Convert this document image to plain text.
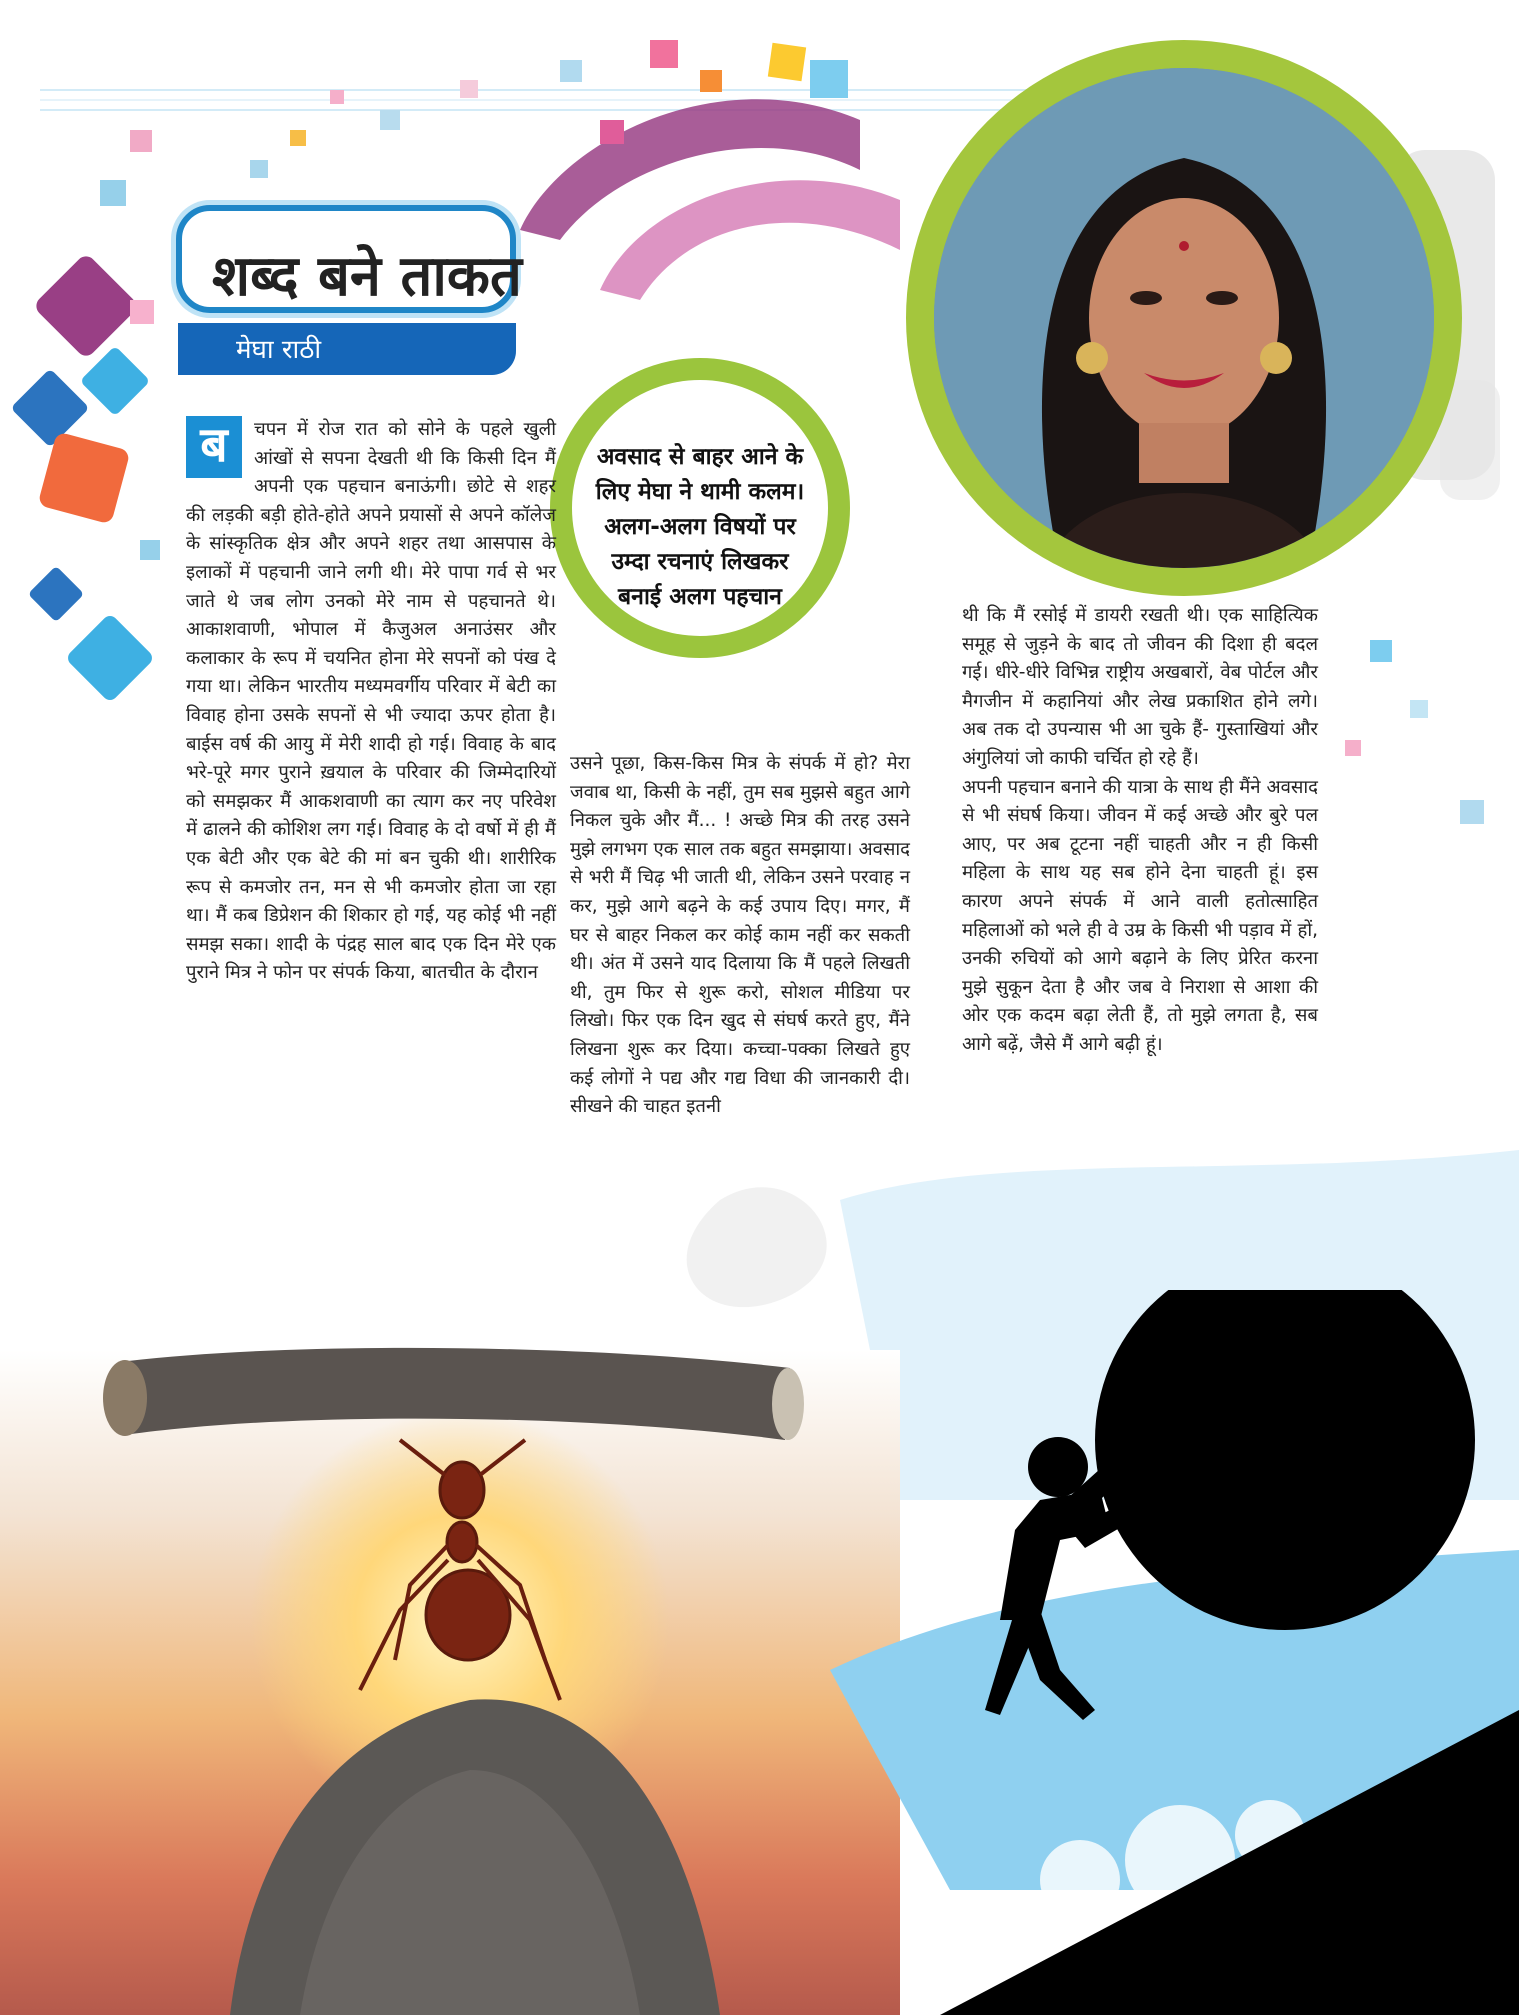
शब्द बने ताकत
मेघा राठी
अवसाद से बाहर आने के लिए मेघा ने थामी कलम। अलग-अलग विषयों पर उम्दा रचनाएं लिखकर बनाई अलग पहचान
ब	चपन में रोज रात को सोने के पहले खुली आंखों से सपना देखती थी कि किसी दिन मैं अपनी एक पहचान बनाऊंगी। छोटे से शहर की लड़की बड़ी होते-होते अपने प्रयासों से अपने कॉलेज के सांस्कृतिक क्षेत्र और अपने शहर तथा आसपास के इलाकों में पहचानी जाने लगी थी। मेरे पापा गर्व से भर जाते थे जब लोग उनको मेरे नाम से पहचानते थे। आकाशवाणी, भोपाल में कैजुअल अनाउंसर और कलाकार के रूप में चयनित होना मेरे सपनों को पंख दे गया था। लेकिन भारतीय मध्यमवर्गीय परिवार में बेटी का विवाह होना उसके सपनों से भी ज्यादा ऊपर होता है। बाईस वर्ष की आयु में मेरी शादी हो गई। विवाह के बाद भरे-पूरे मगर पुराने ख़याल के परिवार की जिम्मेदारियों को समझकर मैं आकशवाणी का त्याग कर नए परिवेश में ढालने की कोशिश लग गई। विवाह के दो वर्षो में ही मैं एक बेटी और एक बेटे की मां बन चुकी थी। शारीरिक रूप से कमजोर तन, मन से भी कमजोर होता जा रहा था। मैं कब डिप्रेशन की शिकार हो गई, यह कोई भी नहीं समझ सका। शादी के पंद्रह साल बाद एक दिन मेरे एक पुराने मित्र ने फोन पर संपर्क किया, बातचीत के दौरान

उसने पूछा, किस-किस मित्र के संपर्क में हो? मेरा जवाब था, किसी के नहीं, तुम सब मुझसे बहुत आगे निकल चुके और मैं... ! अच्छे मित्र की तरह उसने मुझे लगभग एक साल तक बहुत समझाया। अवसाद से भरी मैं चिढ़ भी जाती थी, लेकिन उसने परवाह न कर, मुझे आगे बढ़ने के कई उपाय दिए। मगर, मैं घर से बाहर निकल कर कोई काम नहीं कर सकती थी। अंत में उसने याद दिलाया कि मैं पहले लिखती थी, तुम फिर से शुरू करो, सोशल मीडिया पर लिखो। फिर एक दिन खुद से संघर्ष करते हुए, मैंने लिखना शुरू कर दिया। कच्चा-पक्का लिखते हुए कई लोगों ने पद्य और गद्य विधा की जानकारी दी। सीखने की चाहत इतनी

थी कि मैं रसोई में डायरी रखती थी। एक साहित्यिक समूह से जुड़ने के बाद तो जीवन की दिशा ही बदल गई। धीरे-धीरे विभिन्न राष्ट्रीय अखबारों, वेब पोर्टल और मैगजीन में कहानियां और लेख प्रकाशित होने लगे। अब तक दो उपन्यास भी आ चुके हैं- गुस्ताखियां और अंगुलियां जो काफी चर्चित हो रहे हैं।

अपनी पहचान बनाने की यात्रा के साथ ही मैंने अवसाद से भी संघर्ष किया। जीवन में कई अच्छे और बुरे पल आए, पर अब टूटना नहीं चाहती और न ही किसी महिला के साथ यह सब होने देना चाहती हूं। इस कारण अपने संपर्क में आने वाली हतोत्साहित महिलाओं को भले ही वे उम्र के किसी भी पड़ाव में हों, उनकी रुचियों को आगे बढ़ाने के लिए प्रेरित करना मुझे सुकून देता है और जब वे निराशा से आशा की ओर एक कदम बढ़ा लेती हैं, तो मुझे लगता है, सब आगे बढ़ें, जैसे मैं आगे बढ़ी हूं।
